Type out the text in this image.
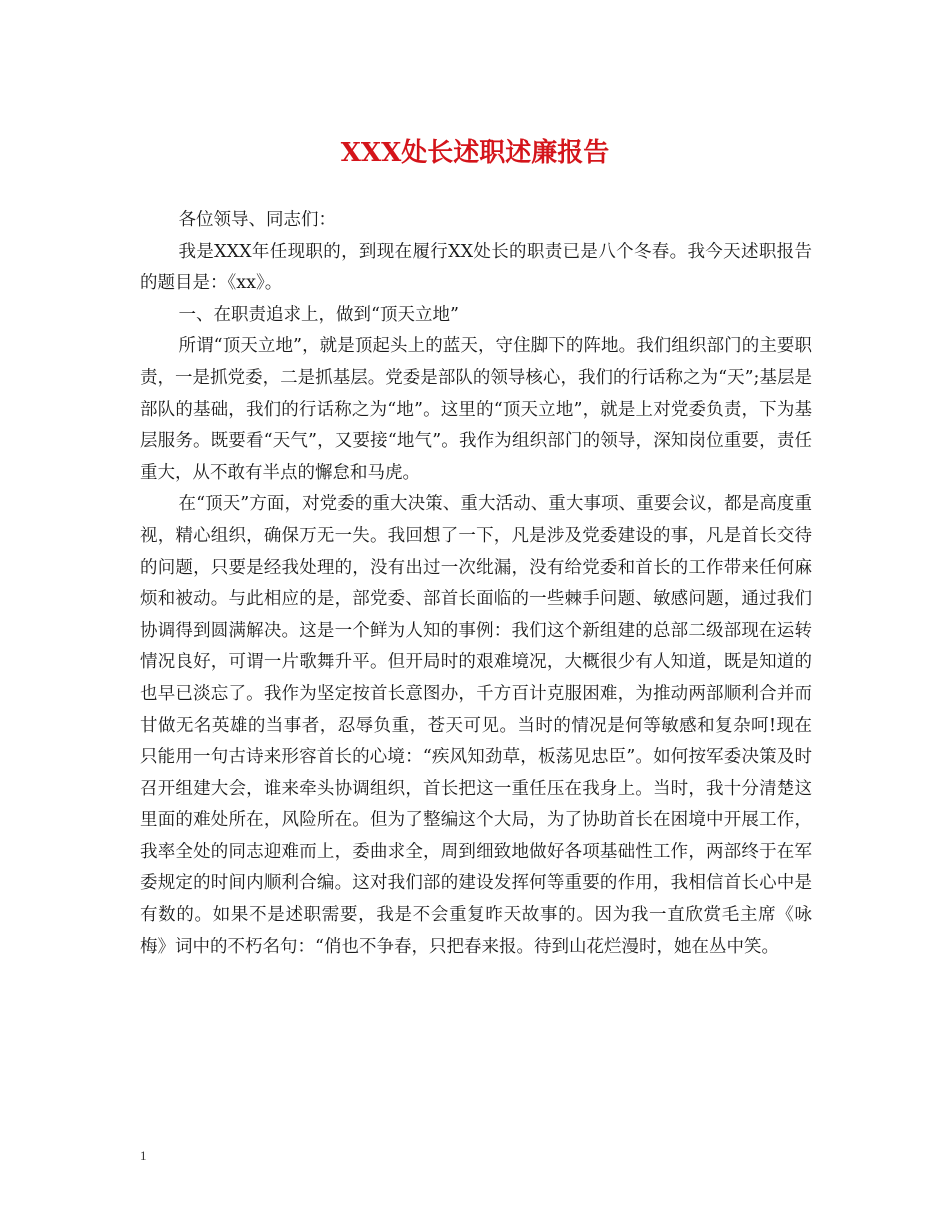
XXX处长述职述廉报告

各位领导、同志们：

我是XXX年任现职的，到现在履行XX处长的职责已是八个冬春。我今天述职报告的题目是：《xx》。

一、在职责追求上，做到“顶天立地”

所谓“顶天立地”，就是顶起头上的蓝天，守住脚下的阵地。我们组织部门的主要职责，一是抓党委，二是抓基层。党委是部队的领导核心，我们的行话称之为“天”;基层是部队的基础，我们的行话称之为“地”。这里的“顶天立地”，就是上对党委负责，下为基层服务。既要看“天气”，又要接“地气”。我作为组织部门的领导，深知岗位重要，责任重大，从不敢有半点的懈怠和马虎。

在“顶天”方面，对党委的重大决策、重大活动、重大事项、重要会议，都是高度重视，精心组织，确保万无一失。我回想了一下，凡是涉及党委建设的事，凡是首长交待的问题，只要是经我处理的，没有出过一次纰漏，没有给党委和首长的工作带来任何麻烦和被动。与此相应的是，部党委、部首长面临的一些棘手问题、敏感问题，通过我们协调得到圆满解决。这是一个鲜为人知的事例：我们这个新组建的总部二级部现在运转情况良好，可谓一片歌舞升平。但开局时的艰难境况，大概很少有人知道，既是知道的也早已淡忘了。我作为坚定按首长意图办，千方百计克服困难，为推动两部顺利合并而甘做无名英雄的当事者，忍辱负重，苍天可见。当时的情况是何等敏感和复杂呵!现在只能用一句古诗来形容首长的心境：“疾风知劲草，板荡见忠臣”。如何按军委决策及时召开组建大会，谁来牵头协调组织，首长把这一重任压在我身上。当时，我十分清楚这里面的难处所在，风险所在。但为了整编这个大局，为了协助首长在困境中开展工作，我率全处的同志迎难而上，委曲求全，周到细致地做好各项基础性工作，两部终于在军委规定的时间内顺利合编。这对我们部的建设发挥何等重要的作用，我相信首长心中是有数的。如果不是述职需要，我是不会重复昨天故事的。因为我一直欣赏毛主席《咏梅》词中的不朽名句：“俏也不争春，只把春来报。待到山花烂漫时，她在丛中笑。

1
